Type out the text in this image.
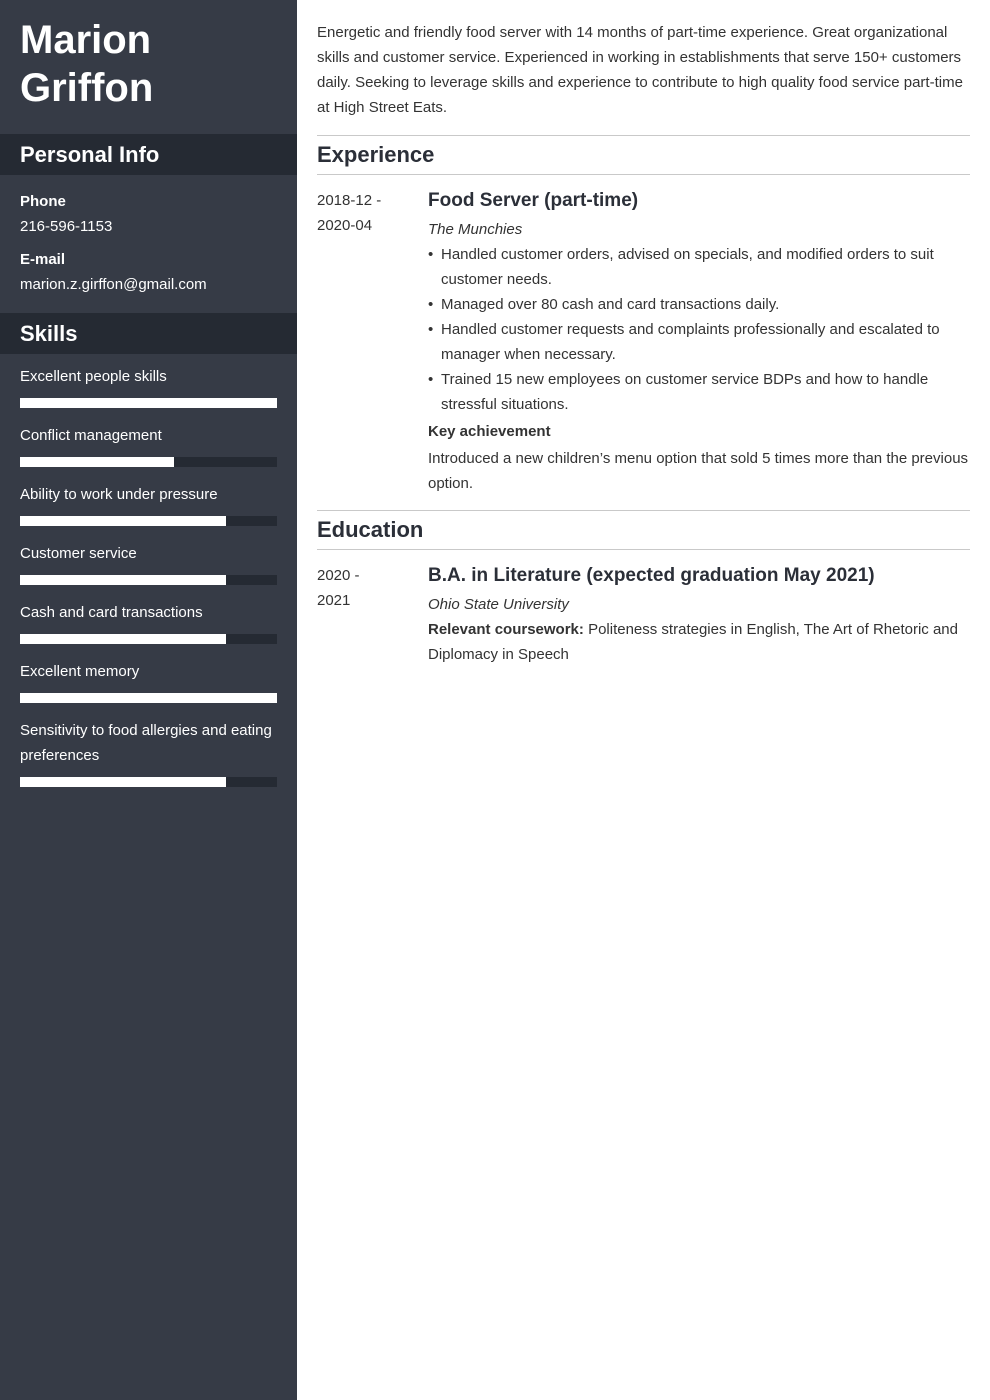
Marion
Griffon
Personal Info
Phone
216-596-1153
E-mail
marion.z.girffon@gmail.com
Skills
Excellent people skills
Conflict management
Ability to work under pressure
Customer service
Cash and card transactions
Excellent memory
Sensitivity to food allergies and eating preferences

Energetic and friendly food server with 14 months of part-time experience. Great organizational skills and customer service. Experienced in working in establishments that serve 150+ customers daily. Seeking to leverage skills and experience to contribute to high quality food service part-time at High Street Eats.

Experience
2018-12 -
2020-04
Food Server (part-time)
The Munchies
• Handled customer orders, advised on specials, and modified orders to suit customer needs.
• Managed over 80 cash and card transactions daily.
• Handled customer requests and complaints professionally and escalated to manager when necessary.
• Trained 15 new employees on customer service BDPs and how to handle stressful situations.
Key achievement
Introduced a new children’s menu option that sold 5 times more than the previous option.
Education
2020 -
2021
B.A. in Literature (expected graduation May 2021)
Ohio State University
Relevant coursework: Politeness strategies in English, The Art of Rhetoric and Diplomacy in Speech
